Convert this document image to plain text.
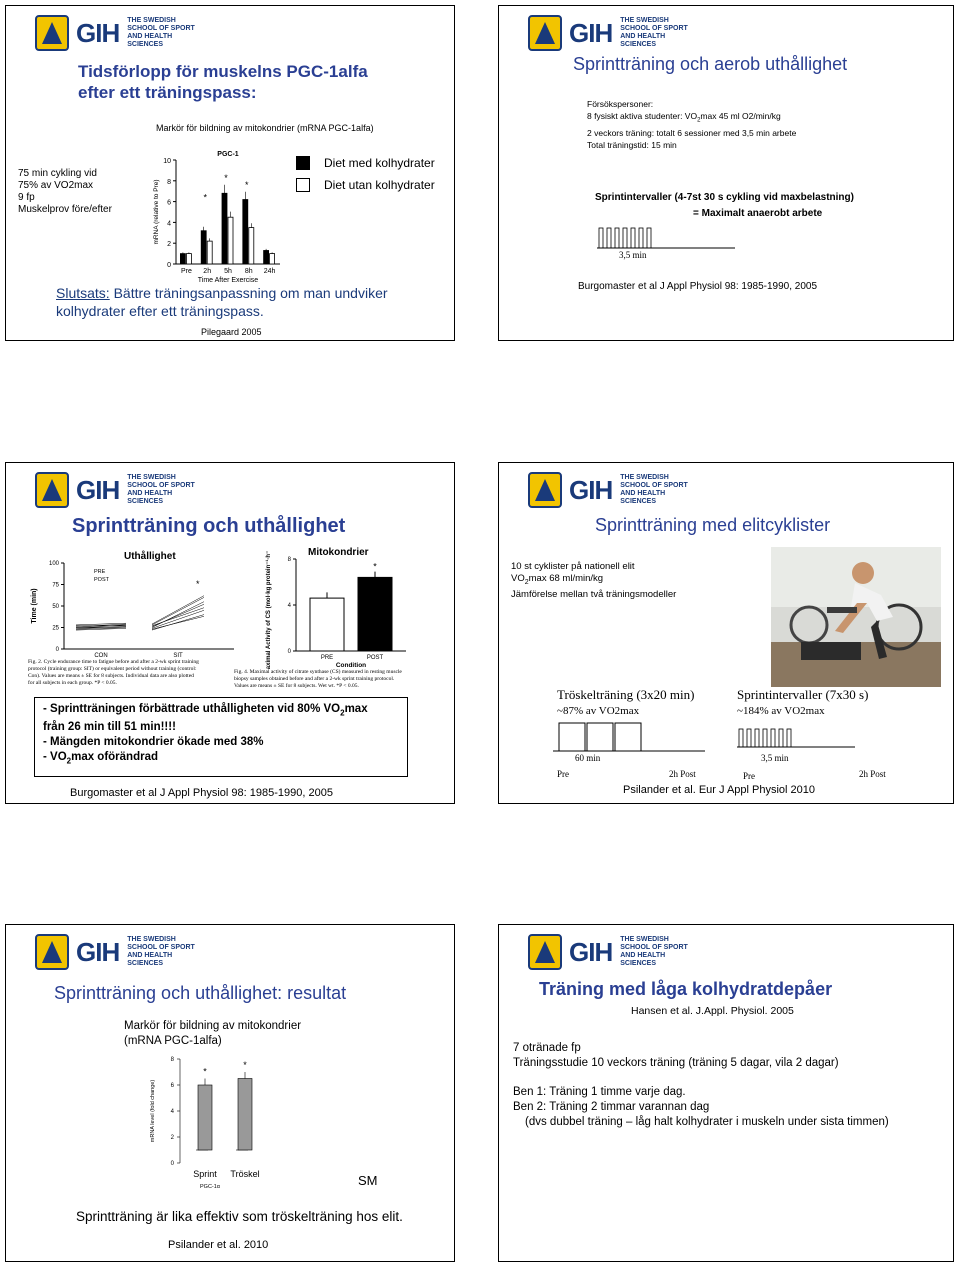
GIH THE SWEDISH SCHOOL OF SPORT AND HEALTH SCIENCES
Tidsförlopp för muskelns PGC-1alfa
efter ett träningspass:
Markör för bildning av mitokondrier (mRNA PGC-1alfa)
75 min cykling vid
75% av VO2max
9 fp
Muskelprov före/efter
0
2
4
6
8
10
PGC-1
mRNA (relative to Pre)
Time After Exercise
Pre 2h 5h 8h 24h
*
*
*
Diet med kolhydrater
Diet utan kolhydrater
Slutsats: Bättre träningsanpassning om man undviker
kolhydrater efter ett träningspass.
Pilegaard 2005
GIH THE SWEDISH SCHOOL OF SPORT AND HEALTH SCIENCES
Sprintträning och aerob uthållighet
Försökspersoner:
8 fysiskt aktiva studenter: $VO_2\max$ 45 ml O2/min/kg
2 veckors träning: totalt 6 sessioner med 3,5 min arbete
Total träningstid: 15 min
Sprintintervaller (4-7st 30 s cykling vid maxbelastning)
= Maximalt anaerobt arbete
3,5 min
Burgomaster et al J Appl Physiol 98: 1985-1990, 2005
GIH THE SWEDISH SCHOOL OF SPORT AND HEALTH SCIENCES
Sprintträning och uthållighet
Uthållighet	Mitokondrier
0
25
50
75
100
Time (min)
PRE
POST
CON	SIT
*
0
4
8
Maximal Activity of CS (mol·kg protein⁻¹·h⁻¹ ww)	Condition
PRE	POST
*
Fig. 2. Cycle endurance time to fatigue before and after a 2-wk sprint training
protocol (training group: SIT) or equivalent period without training (control:
Con). Values are means ± SE for 8 subjects. Individual data are also plotted
for all subjects in each group. *P < 0.05.
Fig. 4. Maximal activity of citrate synthase (CS) measured in resting muscle
biopsy samples obtained before and after a 2-wk sprint training protocol.
Values are means ± SE for 8 subjects. Wet wt. *P < 0.05.
- Sprintträningen förbättrade uthålligheten vid 80% $VO_2\max$
från 26 min till 51 min!!!!
- Mängden mitokondrier ökade med 38%
- $VO_2\max$ oförändrad
Burgomaster et al J Appl Physiol 98: 1985-1990, 2005
GIH THE SWEDISH SCHOOL OF SPORT AND HEALTH SCIENCES
Sprintträning med elitcyklister
10 st cyklister på nationell elit
$VO_2\max$ 68 ml/min/kg
Jämförelse mellan två träningsmodeller
Tröskelträning (3x20 min)
~87% av VO2max
Sprintintervaller (7x30 s)
~184% av VO2max
60 min	3,5 min
Pre	2h Post	Pre	2h Post
Psilander et al. Eur J Appl Physiol 2010
GIH THE SWEDISH SCHOOL OF SPORT AND HEALTH SCIENCES
Sprintträning och uthållighet: resultat
Markör för bildning av mitokondrier
(mRNA PGC-1alfa)
0
2
4
6
8
mRNA level (fold change)
*
Sprint
*
Tröskel
PGC-1α	SM
Sprintträning är lika effektiv som tröskelträning hos elit.
Psilander et al. 2010
GIH THE SWEDISH SCHOOL OF SPORT AND HEALTH SCIENCES
Träning med låga kolhydratdepåer
Hansen et al. J.Appl. Physiol. 2005
7 otränade fp
Träningsstudie 10 veckors träning (träning 5 dagar, vila 2 dagar)
Ben 1: Träning 1 timme varje dag.
Ben 2: Träning 2 timmar varannan dag
(dvs dubbel träning – låg halt kolhydrater i muskeln under sista timmen)
